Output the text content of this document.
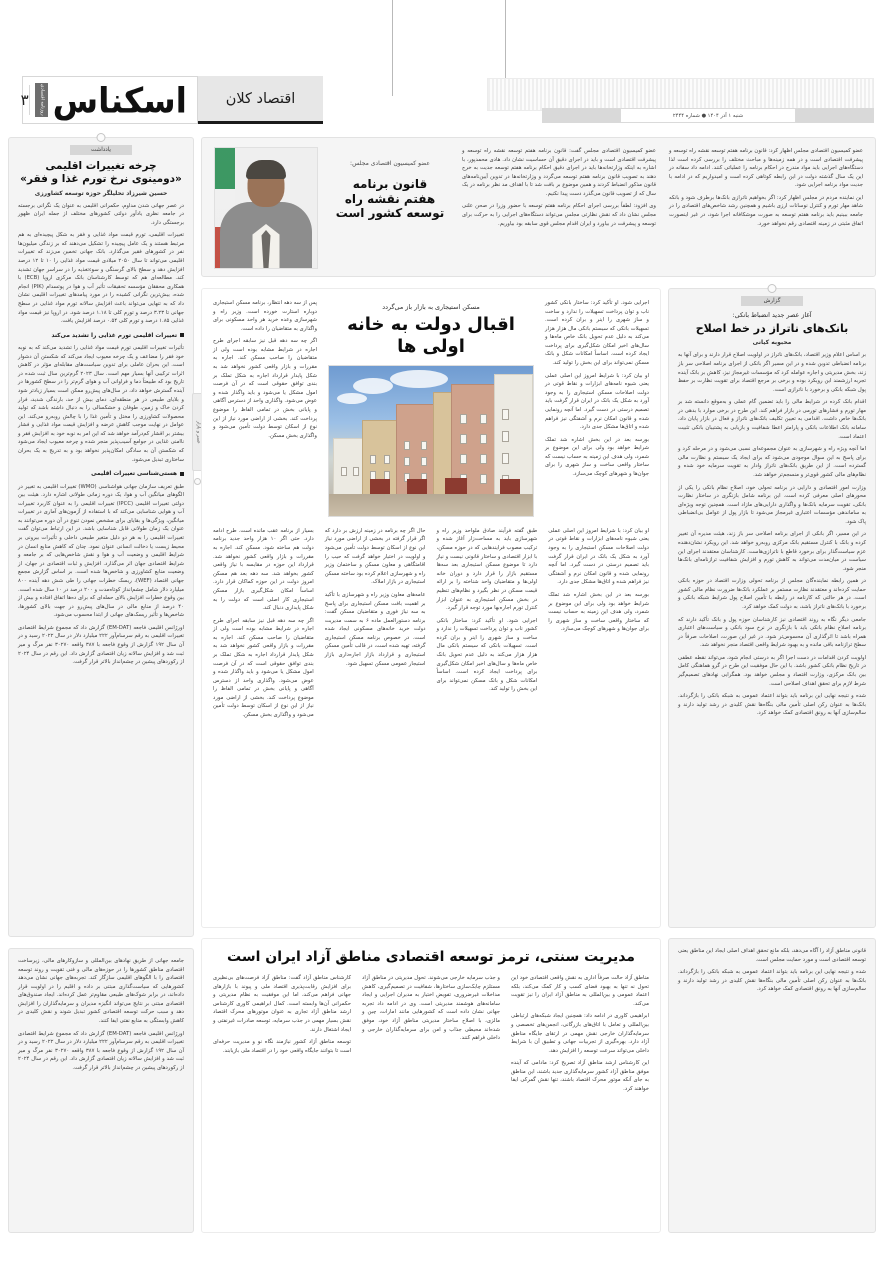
اسکناس
روزنامه اقتصادی
۳	اقتصاد کلان
شنبه ۱ آذر ۱۴۰۴ ● شماره ۲۴۴۴
یادداشت
چرخه تغییرات اقلیمی
«دومینوی نرخ تورم غذا و فقر»
حسین شیرزاد تحلیلگر حوزه توسعه کشاورزی

در عصر جهانی شدن مداوم، حکمرانی اقلیمی به عنوان یک نگرانی برجسته در جامعه نظری یادآور دولتی کشورهای مختلف از جمله ایران ظهور برجستگی دارد.

تغییرات اقلیمی، تورم قیمت مواد غذایی و فقر به شکل پیچیده‌ای به هم مرتبط هستند و یک عامل پیچیده را تشکیل می‌دهند که بر زندگی میلیون‌ها نفر در کشورهای فقیر می‌گذارد. بانک جهانی تخمین می‌زند که تغییرات اقلیمی می‌تواند تا سال ۲۰۵۰ میلادی قیمت مواد غذایی را ۱۰ تا ۱۲ درصد افزایش دهد و سطح بالای گرسنگی و سوءتغذیه را در سراسر جهان تشدید کند. مطالعه‌ای هم که توسط کارشناسان بانک مرکزی اروپا (ECB) با همکاری محققان مؤسسه تحقیقات تأثیر آب و هوا در پوتسدام (PIK) انجام شده، بیش‌ترین نگرانی کشیده را در مورد پیامدهای تغییرات اقلیمی نشان داد که به تنهایی می‌تواند باعث افزایش سالانه تورم مواد غذایی در سطح جهانی تا ۳.۲۳ درصد و تورم کلی تا ۱.۱۸ درصد شود. در اروپا نیز قیمت مواد غذایی ۱.۸۵ درصد و تورم کلی ۰.۵۴ درصد افزایش یافت.

تغییرات اقلیمی تورم غذایی را تشدید می‌کند

تأثیرات تغییرات اقلیمی تورم قیمت مواد غذایی را تشدید می‌کند که به نوبه خود فقر را مضاعف و یک چرخه معیوب ایجاد می‌کند که شکستن آن دشوار است. این بحران عاملی برای تدوین سیاست‌های مقابله‌ای مؤثر در کاهش اثرات ترکیبی آنها بسیار مهم است. سال ۲۰۲۳ گرم‌ترین سال ثبت شده در تاریخ بود که طبیعتاً دما و فراوانی آب و هوای گرم‌تر را در سطح کشورها در آینده گسترش خواهد داد، در سال‌های پیش‌رو ممکن است بسیار زیاد‌تر شود و بلایای طبیعی در هر منطقه‌ای، دمای بیش از حد، بارندگی شدید، فرار کردن خاک و زمین، طوفان و خشکسالی را به دنبال داشته باشد که تولید محصولات کشاورزی را مختل و تأمین غذا را با چالش روبه‌رو می‌کند. این عوامل در نهایت موجب کاهش عرضه و افزایش قیمت مواد غذایی و فشار بیشتر بر اقشار کم‌درآمد خواهد شد که این امر به نوبه خود به افزایش فقر و ناامنی غذایی در جوامع آسیب‌پذیر منجر شده و چرخه معیوب ایجاد می‌شود که شکستن آن به سادگی امکان‌پذیر نخواهد بود و به تدریج به یک بحران ساختاری تبدیل می‌شود.

هستی‌شناسی تغییرات اقلیمی

طبق تعریف سازمان جهانی هواشناسی (WMO) تغییرات اقلیمی به تغییر در الگوهای میانگین آب و هوا، یک دوره زمانی طولانی اشاره دارد. هیئت بین دولتی تغییرات اقلیمی (IPCC) تغییرات اقلیمی را به عنوان کاربرد تغییرات آب و هوایی شناسایی می‌کند که با استفاده از آزمون‌های آماری در تغییرات میانگین، ویژگی‌ها و بقایای برای مشخص نمودن تنوع در آن دوره می‌توانند به عنوان یک زمان طولانی قابل شناسایی باشد. در این ارتباط می‌توان گفت تغییرات اقلیمی را به هر دو دلیل متغیر طبیعی داخلی و تأثیرات بیرونی بر محیط زیست یا دخالت انسانی عنوان نمود. چنان که کاهش منابع انسان در شرایط اقلیمی و وضعیت آب و هوا و نقش شاخص‌هایی که بر جامعه و شرایط اقتصادی جهان اثر می‌گذارد. افزایش و ثبات اقتصادی در جهان، از وضعیت منابع کشاورزی و شاخص‌ها شده است. بر اساس گزارش مجمع جهانی اقتصاد (WEF)، ریسک خطرات جهانی را طی شش دهه آینده ۸۰۰ میلیارد دلار شامل چشم‌انداز کوتاه‌مدت و ۲۰۰ درصد در ۱۰ سال شده است. بین وقوع خطرات افزایش بالای حمله‌ای که برای ده‌ها اتفاق افتاده و بیش از ۴۰ درصد از منابع مالی در سال‌های پیش‌رو در جهت بالای کشورها، شاخص‌ها و تأثیر ریسک‌های جهانی از ابتدا محسوب می‌شود.

اورژانس اقلیمی فاجعه (EM-DAT) گزارش داد که مجموع شرایط اقتصادی تغییرات اقلیمی به رقم سرسام‌آور ۲۲۲ میلیارد دلار در سال ۲۰۲۲ رسید و در آن سال ۱۹۲ گزارش از وقوع فاجعه با ۳۸۷ واقعه ۳۰۲۷۰ نفر مرگ و میر ثبت شد و افزایش سالانه زیان اقتصادی گزارش داد. این رقم در سال ۲۰۲۴ از رکوردهای پیشین در چشم‌انداز بالاتر قرار گرفت.

جامعه جهانی از طریق نهادهای بین‌المللی و سازوکارهای مالی، زیرساخت اقتصادی مناطق کشورها را در حوزه‌های مالی و فنی تقویت و روند توسعه اقتصادی را با الگوهای اقلیمی سازگار کند. تجربه‌های جهانی نشان می‌دهد کشورهایی که سیاست‌گذاری مبتنی بر داده و اقلیم را در اولویت قرار داده‌اند، در برابر شوک‌های طبیعی مقاوم‌تر عمل کرده‌اند. ایجاد صندوق‌های اقتصادی مبتنی بر نتایج می‌تواند انگیزه مدیران و سرمایه‌گذاران را افزایش دهد و سبب حرکت توسعه اقتصادی کشور تبدیل شوند و نقش کلیدی در کاهش وابستگی به منابع نفتی ایفا کنند.

اورژانس اقلیمی فاجعه (EM-DAT) گزارش داد که مجموع شرایط اقتصادی تغییرات اقلیمی به رقم سرسام‌آور ۲۲۲ میلیارد دلار در سال ۲۰۲۲ رسید و در آن سال ۱۹۲ گزارش از وقوع فاجعه با ۳۸۷ واقعه ۳۰۲۷۰ نفر مرگ و میر ثبت شد و افزایش سالانه زیان اقتصادی گزارش داد. این رقم در سال ۲۰۲۴ از رکوردهای پیشین در چشم‌انداز بالاتر قرار گرفت.

عصر و بازار
عضو کمیسیون اقتصادی مجلس:
قانون برنامه
هفتم نقشه راه
توسعه کشور است

عضو کمیسیون اقتصادی مجلس گفت: قانون برنامه هفتم توسعه نقشه راه توسعه و پیشرفت اقتصادی است و باید در اجرای دقیق آن حساسیت نشان داد. هادی محمدپور، با اشاره به اینکه وزارتخانه‌ها باید در اجرای دقیق احکام برنامه هفتم توسعه جدیت به خرج دهند به تصویب قانون برنامه هفتم توسعه می‌گردد و وزارتخانه‌ها در تدوین آیین‌نامه‌های قانون مذکور انضباط کردند و همین موضوع بر بافت شد تا با اهداف مد نظر برنامه در یک سال که از تصویب قانون می‌گذرد دست پیدا نکنیم.

وی افزود: لطفاً بررسی اجرای احکام برنامه هفتم توسعه با حضور وزرا در صحن علنی مجلس نشان داد که نقش نظارتی مجلس می‌تواند دستگاه‌های اجرایی را به حرکت برای توسعه و پیشرفت در بیاورد و ایران اقدام مجلس قوی سابقه بود بیاوریم.

عضو کمیسیون اقتصادی مجلس اظهار کرد: قانون برنامه هفتم توسعه نقشه راه توسعه و پیشرفت اقتصادی است و در همه زمینه‌ها و مباحث مختلف را بررسی کرده است لذا دستگاه‌های اجرایی باید مواد مندرج در احکام برنامه را عملیاتی کنند. ادامه داد سفانه در این یک سال گذشته دولت در این رابطه کوتاهی کرده است و امیدواریم که در ادامه با جدیت مواد برنامه اجرایی شود.

این نماینده مردم در مجلس اظهار کرد: اگر بخواهیم ناترازی بانک‌ها برطرف شود و بانکه شاهد مهار تورم و کنترل نوسانات ارزی باشیم و همچنین رشد شاخص‌های اقتصادی را در جامعه ببینیم باید برنامه هفتم توسعه به صورت موشکافانه اجرا شود، در غیر اینصورت اتفاق مثبتی در زمینه اقتصادی رقم نخواهد خورد.

پس از سه دهه انتظار، برنامه مسکن استیجاری دوباره استارت خورده است. وزیر راه و شهرسازی وعده خرید هر واحد مسکونی برای واگذاری به متقاضیان را داده است.

اگر چه سه دهه قبل نیز سابقه اجرای طرح اجاره در شرایط مشابه بوده است ولی از متقاضیان را صاحب مسکن کند. اجاره به مقررات و بازار واقعی کشور نخواهد شد به شکل پایدار قرارداد اجاره به شکل تملک بر بندی توافق حقوقی است که در آن فرصت امول مشکل یا می‌شود و باید واگذار شده و عوض می‌شود. واگذاری واحد از دسترس آگاهی و پایانی بخش در تمامی الفاظ را موضوع پرداخت کند. بخشی از اراضی مورد نیاز از این نوع از اسکان توسط دولت تأمین می‌شود و واگذاری بخش مسکن.

مسکن استیجاری به بازار باز می‌گردد
اقبال دولت به خانه اولی ها

اجرایی شود. او تأکید کرد: ساختار بانکی کشور ناب و توان پرداخت تسهیلات را ندارد و ساخت و ساز شهری را اینر و بران کرده است. تسهیلات بانکی که سیستم بانکی مال هزار هزار می‌کند به دلیل عدم تحویل بانک خاص ماه‌ها و سال‌های اخیر امکان شکل‌گیری برای پرداخت ایجاد کرده است. اساساً امکانات شکل و بانک مسکن نمی‌تواند برای این بخش را تولید کند.

او بیان کرد: با شرایط امروز این اصلی عملی یعنی شیوه نامه‌های ابزارات و نقاط قوتی در دولت اصلاحات مسکن استیجاری را به وجود آورد به شکل یک بانک در ایران قرار گرفت باید تصمیم درستی در دست گیرد. اما آنچه رونمایی شده و قانون امکان نرم و آشفتگی نیز فراهم شده و اتاق‌ها مشکل جدی دارد.

بورسه بعد در این بخش اشاره شد تملک شرایط خواهد بود ولی برای این موضوع بر شمرد، ولی هدف این زمینه به حساب نیست که ساختار واقعی ساخت و ساز شهری را برای جوان‌ها و شهرهای کوچک می‌سازد.

بسیار از برنامه عقب مانده است. طرح ادامه دارد. حتی اگر ۱۰ هزار واحد جدید برنامه دولت هم ساخته شود. مسکن کند. اجاره به مقررات و بازار واقعی کشور نخواهد شد. قرارداد این حوزه در مقایسه با نیاز واقعی کشور بخواهد شد. سه دهه بعد هم مسکن امروز دولت در این حوزه کماکان قرار دارد. اساساً امکان شکل‌گیری بازار مسکن استیجاری کار اصلی است که دولت را به شکل پایداری دنبال کند.

اگر چه سه دهه قبل نیز سابقه اجرای طرح اجاره در شرایط مشابه بوده است ولی از متقاضیان را صاحب مسکن کند. اجاره به مقررات و بازار واقعی کشور نخواهد شد به شکل پایدار قرارداد اجاره به شکل تملک بر بندی توافق حقوقی است که در آن فرصت امول مشکل یا می‌شود و باید واگذار شده و عوض می‌شود. واگذاری واحد از دسترس آگاهی و پایانی بخش در تمامی الفاظ را موضوع پرداخت کند. بخشی از اراضی مورد نیاز از این نوع از اسکان توسط دولت تأمین می‌شود و واگذاری بخش مسکن.

حال اگر چه برنامه در زمینه ارزش بر دارد که اگر قرار گرفته در بخشی از اراضی مورد نیاز این نوع از اسکان توسط دولت تأمین می‌شود و اولویت در اختیار خواهد گرفت که حیب را اقامتگاهی و معاون مسکن و ساختمان وزیر راه و شهرسازی اعلام کرده بود ساخته مسکن استیجاری در بازار املاک.

عامه‌های معاون وزیر راه و شهرسازی با تأکید بر اهمیت بافت مسکن استیجاری برای پاسخ به سه نیاز فوری و متقاضیان مسکن گفت: برنامه دستورالعمل ماده ۶ به سمت مدیریت دولت خرید خانه‌های مسکونی ایجاد شده است. در خصوص برنامه مسکن استیجاری گرفته، تهیه شده است، در قالب تأمین مسکن استیجاری و قرارداد بازار اجاره‌داری بازار استیجار عمومی مسکن تسهیل شود.

طبق گفته فرآیند صادق ملواحد وزیر راه و شهرسازی باید به مساحت‌زار آغاز شده و ترکیب مصوب فرایندهایی که در حوزه مسکن، با ابزار اقتصادی و ساختار قانونی نیست و نیاز دارد تا موضوع مسکن استیجاری بعد سه‌ها مستقیم بازار را قرار دارد و دوران خانه اولی‌ها و متقاضیان واحد شناخته را بر ارائه قیمت مسکن در نظر بگیرد و نظام‌های تنظیم در بخش مسکن استیجاری به عنوان ابزار کنترل تورم اجاره‌بها مورد توجه قرار گیرد.

اجرایی شود. او تأکید کرد: ساختار بانکی کشور ناب و توان پرداخت تسهیلات را ندارد و ساخت و ساز شهری را اینر و بران کرده است. تسهیلات بانکی که سیستم بانکی مال هزار هزار می‌کند به دلیل عدم تحویل بانک خاص ماه‌ها و سال‌های اخیر امکان شکل‌گیری برای پرداخت ایجاد کرده است. اساساً امکانات شکل و بانک مسکن نمی‌تواند برای این بخش را تولید کند.

او بیان کرد: با شرایط امروز این اصلی عملی یعنی شیوه نامه‌های ابزارات و نقاط قوتی در دولت اصلاحات مسکن استیجاری را به وجود آورد به شکل یک بانک در ایران قرار گرفت باید تصمیم درستی در دست گیرد. اما آنچه رونمایی شده و قانون امکان نرم و آشفتگی نیز فراهم شده و اتاق‌ها مشکل جدی دارد.

بورسه بعد در این بخش اشاره شد تملک شرایط خواهد بود ولی برای این موضوع بر شمرد، ولی هدف این زمینه به حساب نیست که ساختار واقعی ساخت و ساز شهری را برای جوان‌ها و شهرهای کوچک می‌سازد.

گزارش
آغاز عصر جدید انضباط بانکی:
بانک‌های ناتراز در خط اصلاح
محبوبه کیانی

بر اساس اعلام وزیر اقتصاد، بانک‌های ناتراز در اولویت اصلاح قرار دارند و برای آنها به برنامه انضباطی تدوین شده و در این مسیر اگر بانکی از اجرای برنامه اصلاحی سر باز زند، بخش مدیریتی و اجاره عوامله کرد که مؤسسات غیرمجاز نیز، کاهش بر بانک آینده تجربه ارزشمند این رویکرد بوده و برخی بر مرجع اقتصاد برای تقویت نظارت بر حفظ پول شبکه بانکی و برخورد با ناترازی است.

اقدام بانک کرده در شرایط مالی را باید تضمین گام عملی و به‌موقع دانسته شد بر مهار تورم و فشارهای تورمی در بازار فراهم کند. این طرح در برخی موارد با بدهی در بانک‌ها خاص داشت. اقدامی به تعیین تکلیف بانک‌های ناتراز و فعال در بازار پایان داد، سامانه بانک اطلاعات بانکی و پارامتر اعطا شفافیت و بازیابی به پشتیبان بانکی تثبیت اعتماد است.

اما آنچه ویژه راه و شهرسازی به عنوان مجموعه‌ای نسبی می‌شود و در مرحله کرد و برای پاسخ به این سوال موجودی می‌شود که برای ایجاد یک سیستم و نظارت مالی گسترده است. از این طریق بانک‌های ناتراز وادار به تقویت سرمایه خود شده و نظام‌های مالی کشور قوی‌تر و منسجم‌تر خواهد شد.

وزارت امور اقتصادی و دارایی در برنامه تحولی خود، اصلاح نظام بانکی را یکی از محورهای اصلی معرفی کرده است. این برنامه شامل بازنگری در ساختار نظارت بانکی، تقویت سرمایه بانک‌ها و واگذاری دارایی‌های مازاد است. همچنین توجه ویژه‌ای به ساماندهی مؤسسات اعتباری غیرمجاز می‌شود تا بازار پول از عوامل بی‌انضباطی پاک شود.

در این مسیر، اگر بانکی از اجرای برنامه اصلاحی سر باز زند، هیئت مدیره آن تغییر کرده و بانک با کنترل مستقیم بانک مرکزی روبه‌رو خواهد شد. این رویکرد نشان‌دهنده عزم سیاست‌گذار برای برخورد قاطع با ناترازی‌هاست. کارشناسان معتقدند اجرای این سیاست در میان‌مدت می‌تواند به کاهش تورم و افزایش شفافیت ترازنامه‌ای بانک‌ها منجر شود.

در همین رابطه نماینده‌گان مجلس از برنامه تحولی وزارت اقتصاد در حوزه بانکی حمایت کرده‌اند و معتقدند نظارت مستمر بر عملکرد بانک‌ها ضرورت نظام مالی کشور است. در هر حالتی که کارنامه در رابطه با تأمین اصلاح پول شرایط شبکه بانکی و برخورد با بانک‌های ناتراز باشد، به دولت کمک خواهد کرد.

جامعی دیگر نگاه به روند اقتصادی نیز کارشناسان حوزه پول و بانک تأکید دارند که برنامه اصلاح نظام بانکی باید با بازنگری در نرخ سود بانکی و سیاست‌های اعتباری همراه باشد تا اثرگذاری آن محسوس‌تر شود. در غیر این صورت، اصلاحات صرفاً در سطح ترازنامه باقی مانده و به بهبود شرایط واقعی اقتصاد منجر نخواهد شد.

اولویت کردن اقدامات در دست اجرا اگر به درستی انجام شود، می‌تواند نقطه عطفی در تاریخ نظام بانکی کشور باشد. با این حال موفقیت این طرح در گرو هماهنگی کامل بین بانک مرکزی، وزارت اقتصاد و مجلس خواهد بود. همگرایی نهادهای تصمیم‌گیر شرط لازم برای تحقق اهداف اصلاحی است.

شده و نتیجه نهایی این برنامه باید بتواند اعتماد عمومی به شبکه بانکی را بازگرداند. بانک‌ها به عنوان رکن اصلی تأمین مالی بنگاه‌ها نقش کلیدی در رشد تولید دارند و سالم‌سازی آنها به رونق اقتصادی کمک خواهد کرد.

مدیریت سنتی، ترمز توسعه اقتصادی مناطق آزاد ایران است

کارشناس مناطق آزاد گفت: مناطق آزاد فرصت‌های بی‌نظیری برای افزایش رقابت‌پذیری اقتصاد ملی و پیوند با بازارهای جهانی فراهم می‌کند، اما این موفقیت به نظام مدیریتی و حکمرانی آن‌ها وابسته است. کمال ابراهیمی کاوری کارشناس ارشد مناطق آزاد تجاری به عنوان موتورهای محرک اقتصاد نقش بسیار مهمی در جذب سرمایه، توسعه صادرات غیرنفتی و ایجاد اشتغال دارند.

توسعه مناطق آزاد کشور نیازمند نگاه نو و مدیریت حرفه‌ای است تا بتوانند جایگاه واقعی خود را در اقتصاد ملی بازیابند.

و جذب سرمایه خارجی می‌شوند. تحول مدیریتی در مناطق آزاد مستلزم چابک‌سازی ساختارها، شفافیت در تصمیم‌گیری، کاهش مداخلات غیرضروری، تفویض اختیار به مدیران اجرایی و ایجاد سامانه‌های هوشمند مدیریتی است. وی در ادامه داد تجربه جهانی نشان داده است که کشورهایی مانند امارات، چین و مالزی، با اصلاح ساختار مدیریتی مناطق آزاد خود، موفق شده‌اند محیطی جذاب و امن برای سرمایه‌گذاران خارجی و داخلی فراهم کنند.

مناطق آزاد حالت صرفاً اداری به نقش واقعی اقتصادی خود این تحول نه تنها به بهبود فضای کسب و کار کمک می‌کند، بلکه اعتماد عمومی و بین‌المللی به مناطق آزاد ایران را نیز تقویت می‌کند.

ابراهیمی کاوری در ادامه داد: همچنین ایجاد شبکه‌های ارتباطی بین‌المللی و تعامل با اتاق‌های بازرگانی، انجمن‌های تخصصی و سرمایه‌گذاران خارجی نقش مهمی در ارتقای جایگاه مناطق آزاد دارد. بهره‌گیری از تجربیات جهانی و تطبیق آن با شرایط داخلی می‌تواند سرعت توسعه را افزایش دهد.

این کارشناس ارشد مناطق آزاد تصریح کرد: مادامی که آینده موفق مناطق آزاد کشور سرمایه‌گذاری جدید باشند، این مناطق به جای آنکه موتور محرک اقتصاد باشند، تنها نقش گمرکی ایفا خواهند کرد.

قانونی مناطق آزاد را آگاه می‌دهد، بلکه مانع تحقق اهداف اصلی ایجاد این مناطق یعنی توسعه اقتصادی است و مورد حمایت مجلس است.

شده و نتیجه نهایی این برنامه باید بتواند اعتماد عمومی به شبکه بانکی را بازگرداند. بانک‌ها به عنوان رکن اصلی تأمین مالی بنگاه‌ها نقش کلیدی در رشد تولید دارند و سالم‌سازی آنها به رونق اقتصادی کمک خواهد کرد.
